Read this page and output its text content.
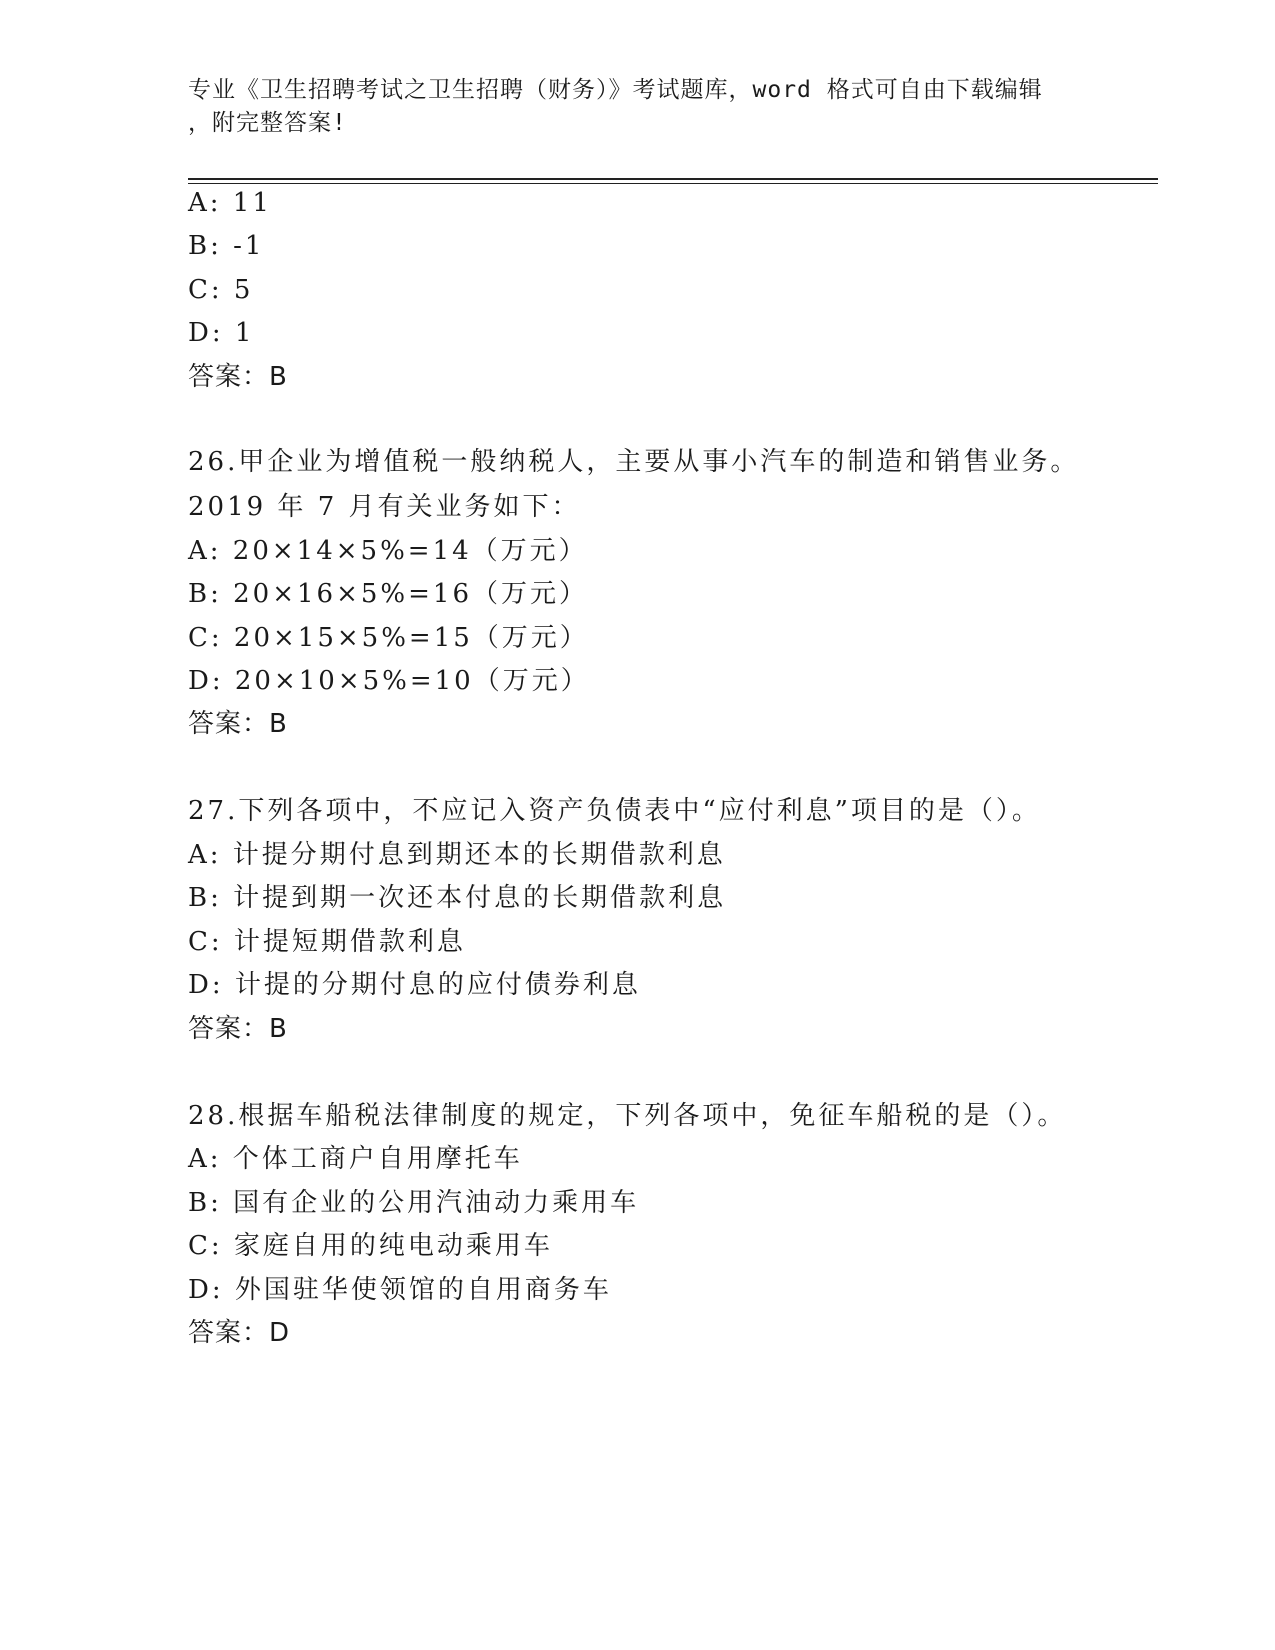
专业《卫生招聘考试之卫生招聘（财务）》考试题库，word 格式可自由下载编辑
，附完整答案!
A: 11
B: -1
C: 5
D: 1
答案：B
26.甲企业为增值税一般纳税人，主要从事小汽车的制造和销售业务。
2019 年 7 月有关业务如下：
A: 20×14×5%=14（万元）
B: 20×16×5%=16（万元）
C: 20×15×5%=15（万元）
D: 20×10×5%=10（万元）
答案：B
27.下列各项中，不应记入资产负债表中“应付利息”项目的是（）。
A: 计提分期付息到期还本的长期借款利息
B: 计提到期一次还本付息的长期借款利息
C: 计提短期借款利息
D: 计提的分期付息的应付债券利息
答案：B
28.根据车船税法律制度的规定，下列各项中，免征车船税的是（）。
A: 个体工商户自用摩托车
B: 国有企业的公用汽油动力乘用车
C: 家庭自用的纯电动乘用车
D: 外国驻华使领馆的自用商务车
答案：D
